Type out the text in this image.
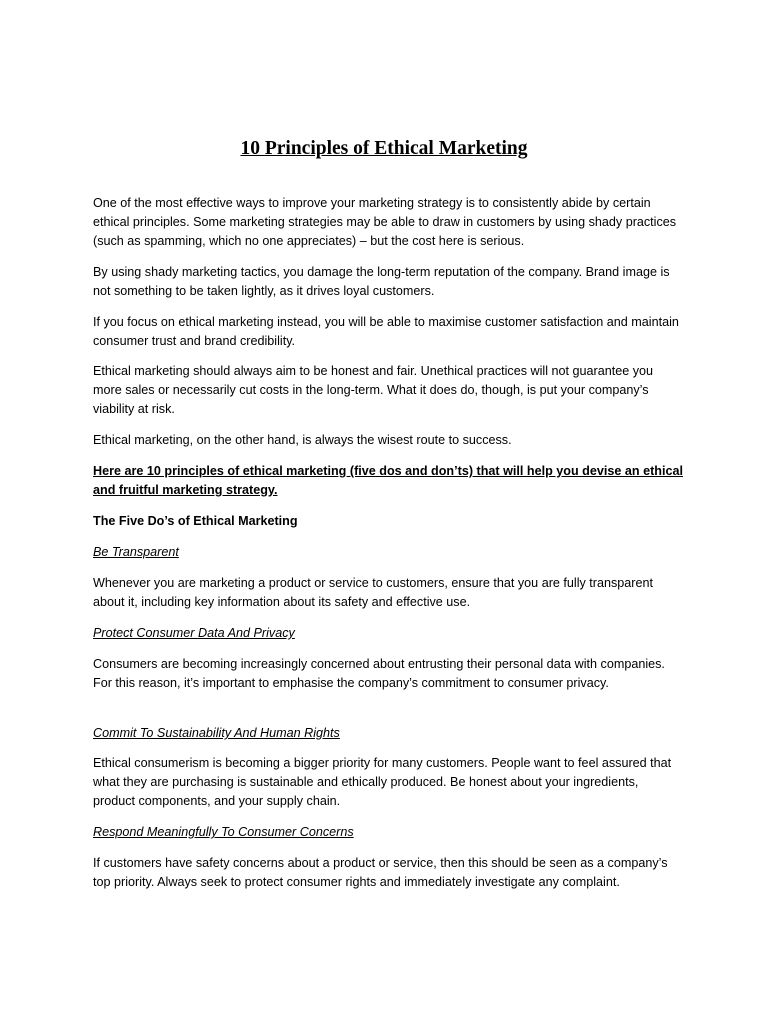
10 Principles of Ethical Marketing

One of the most effective ways to improve your marketing strategy is to consistently abide by certain ethical principles. Some marketing strategies may be able to draw in customers by using shady practices (such as spamming, which no one appreciates) – but the cost here is serious.

By using shady marketing tactics, you damage the long-term reputation of the company. Brand image is not something to be taken lightly, as it drives loyal customers.

If you focus on ethical marketing instead, you will be able to maximise customer satisfaction and maintain consumer trust and brand credibility.

Ethical marketing should always aim to be honest and fair. Unethical practices will not guarantee you more sales or necessarily cut costs in the long-term. What it does do, though, is put your company’s viability at risk.

Ethical marketing, on the other hand, is always the wisest route to success.

Here are 10 principles of ethical marketing (five dos and don’ts) that will help you devise an ethical and fruitful marketing strategy.

The Five Do’s of Ethical Marketing

Be Transparent

Whenever you are marketing a product or service to customers, ensure that you are fully transparent about it, including key information about its safety and effective use.

Protect Consumer Data And Privacy

Consumers are becoming increasingly concerned about entrusting their personal data with companies. For this reason, it’s important to emphasise the company’s commitment to consumer privacy.

Commit To Sustainability And Human Rights

Ethical consumerism is becoming a bigger priority for many customers. People want to feel assured that what they are purchasing is sustainable and ethically produced. Be honest about your ingredients, product components, and your supply chain.

Respond Meaningfully To Consumer Concerns

If customers have safety concerns about a product or service, then this should be seen as a company’s top priority. Always seek to protect consumer rights and immediately investigate any complaint.
